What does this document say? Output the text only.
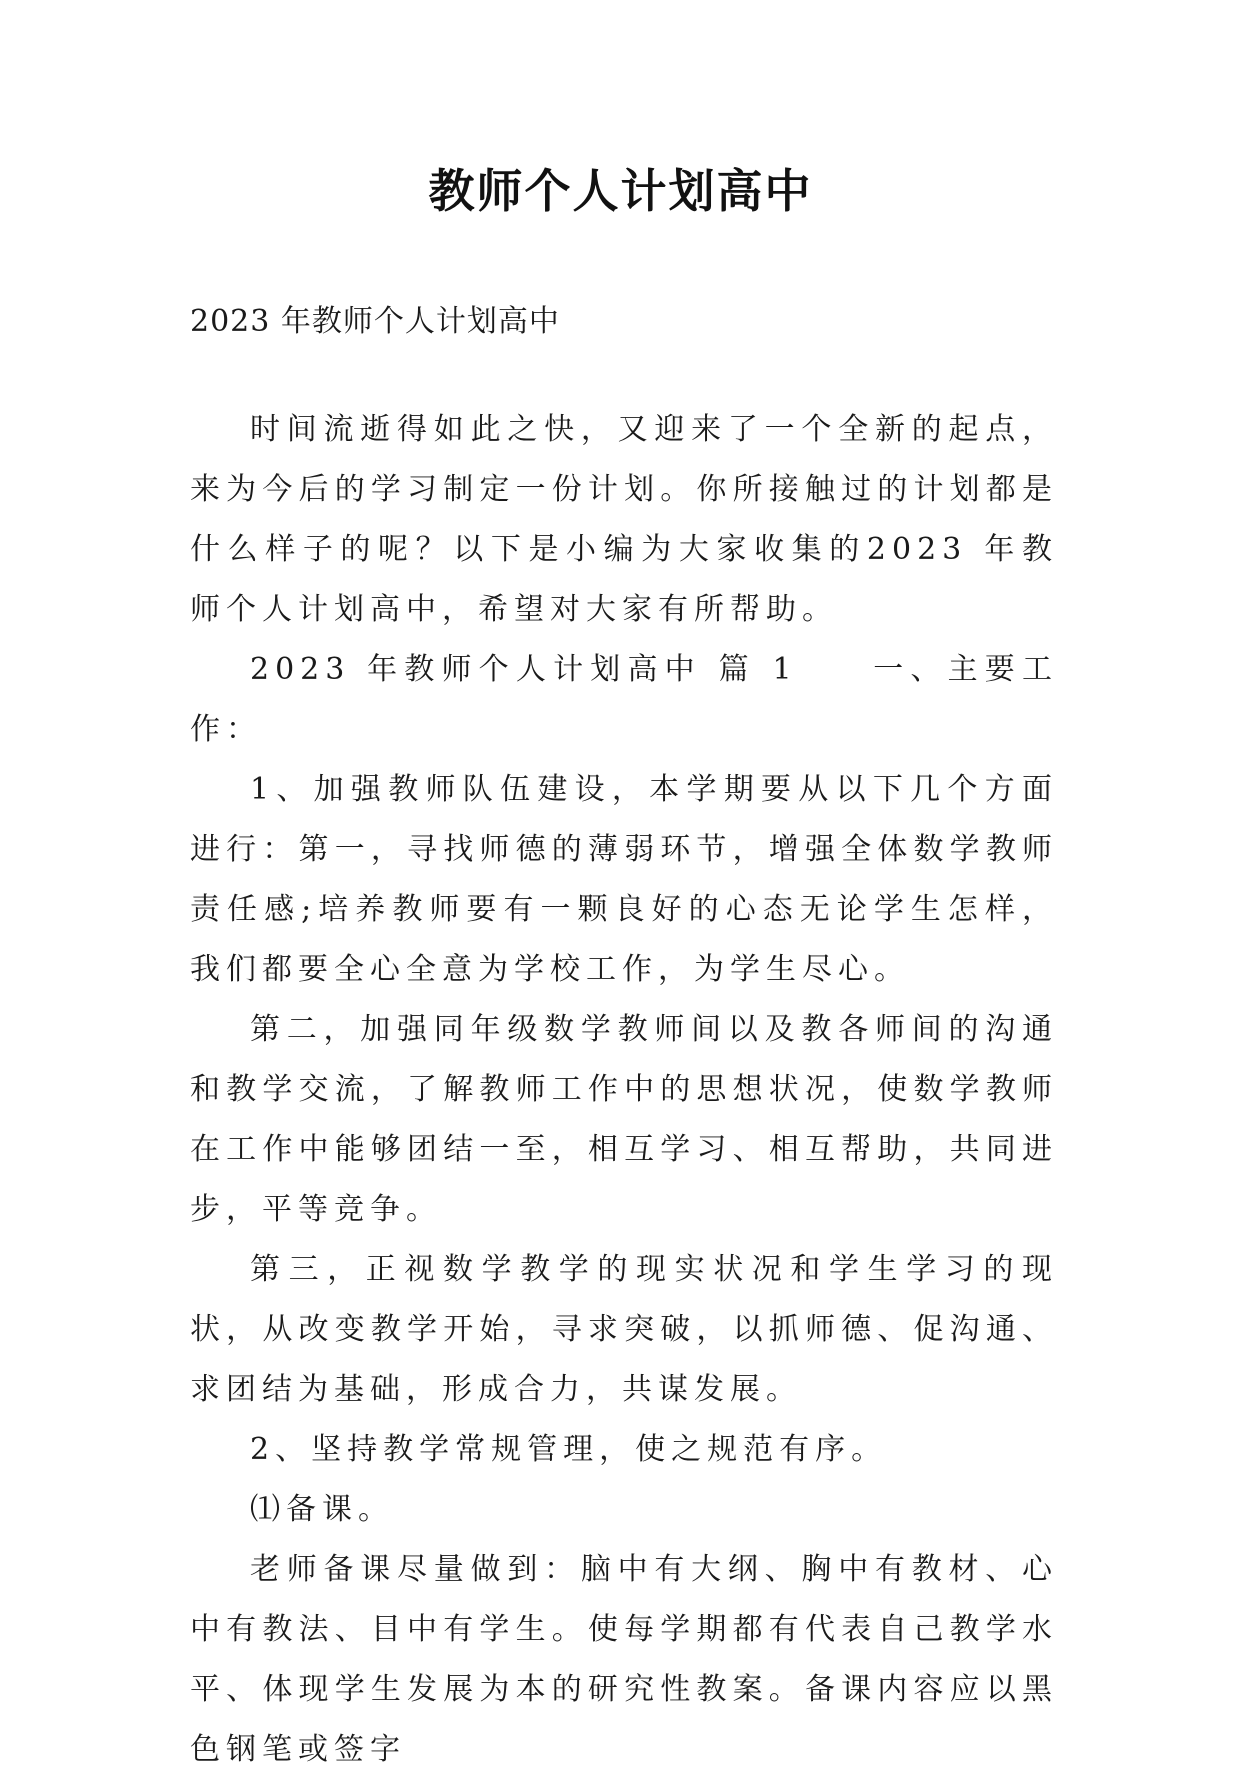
教师个人计划高中
2023 年教师个人计划高中

时间流逝得如此之快，又迎来了一个全新的起点，来为今后的学习制定一份计划。你所接触过的计划都是什么样子的呢？以下是小编为大家收集的2023 年教师个人计划高中，希望对大家有所帮助。

2023 年教师个人计划高中 篇 1　　一、主要工作：

1、加强教师队伍建设，本学期要从以下几个方面进行：第一，寻找师德的薄弱环节，增强全体数学教师责任感;培养教师要有一颗良好的心态无论学生怎样，我们都要全心全意为学校工作，为学生尽心。

第二，加强同年级数学教师间以及教各师间的沟通和教学交流，了解教师工作中的思想状况，使数学教师在工作中能够团结一至，相互学习、相互帮助，共同进步，平等竞争。

第三，正视数学教学的现实状况和学生学习的现状，从改变教学开始，寻求突破，以抓师德、促沟通、求团结为基础，形成合力，共谋发展。

2、坚持教学常规管理，使之规范有序。

⑴备课。

老师备课尽量做到：脑中有大纲、胸中有教材、心中有教法、目中有学生。使每学期都有代表自己教学水平、体现学生发展为本的研究性教案。备课内容应以黑色钢笔或签字
